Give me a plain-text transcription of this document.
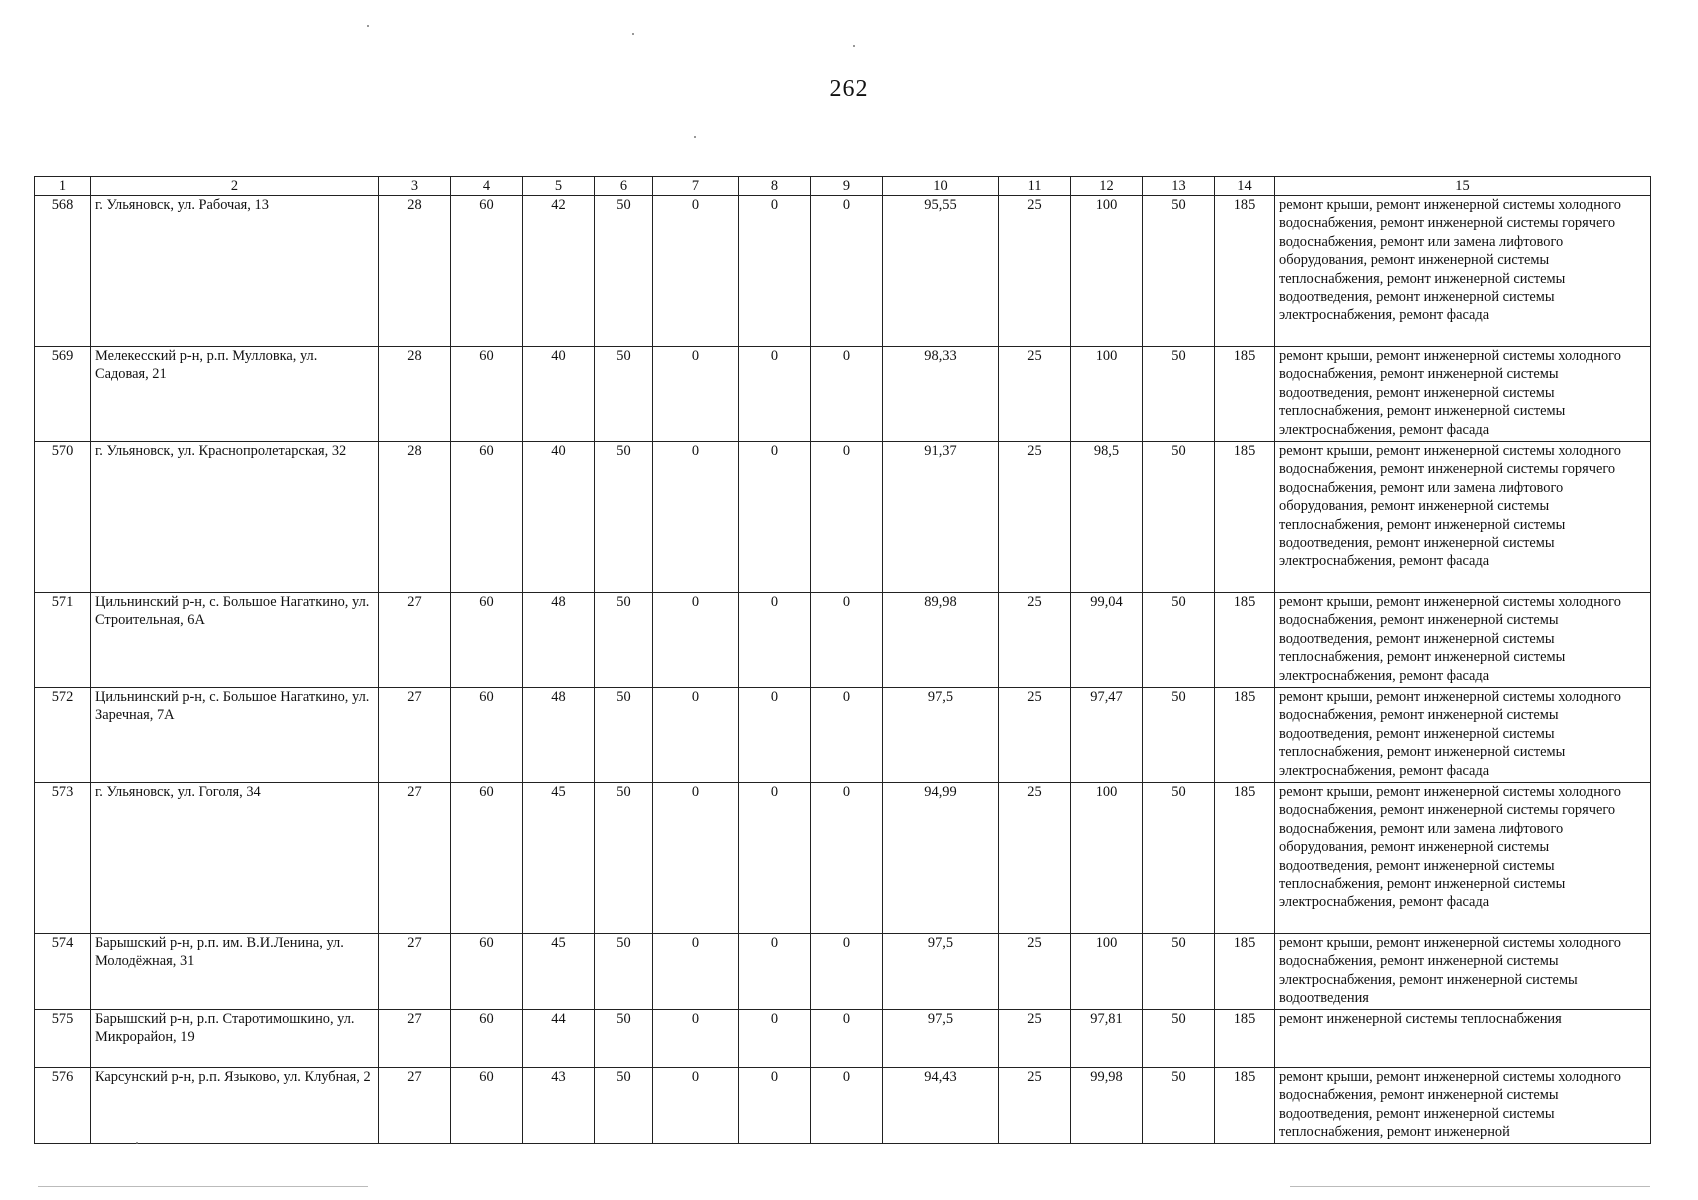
262
1	2	3	4	5	6	7	8	9	10	11	12	13	14	15
568	г. Ульяновск, ул. Рабочая, 13	28	60	42	50	0	0	0	95,55	25	100	50	185	ремонт крыши, ремонт инженерной системы холодного водоснабжения, ремонт инженерной системы горячего водоснабжения, ремонт или замена лифтового оборудования, ремонт инженерной системы теплоснабжения, ремонт инженерной системы водоотведения, ремонт инженерной системы электроснабжения, ремонт фасада
569	Мелекесский р-н, р.п. Мулловка, ул. Садовая, 21	28	60	40	50	0	0	0	98,33	25	100	50	185	ремонт крыши, ремонт инженерной системы холодного водоснабжения, ремонт инженерной системы водоотведения, ремонт инженерной системы теплоснабжения, ремонт инженерной системы электроснабжения, ремонт фасада
570	г. Ульяновск, ул. Краснопролетарская, 32	28	60	40	50	0	0	0	91,37	25	98,5	50	185	ремонт крыши, ремонт инженерной системы холодного водоснабжения, ремонт инженерной системы горячего водоснабжения, ремонт или замена лифтового оборудования, ремонт инженерной системы теплоснабжения, ремонт инженерной системы водоотведения, ремонт инженерной системы электроснабжения, ремонт фасада
571	Цильнинский р-н, с. Большое Нагаткино, ул. Строительная, 6А	27	60	48	50	0	0	0	89,98	25	99,04	50	185	ремонт крыши, ремонт инженерной системы холодного водоснабжения, ремонт инженерной системы водоотведения, ремонт инженерной системы теплоснабжения, ремонт инженерной системы электроснабжения, ремонт фасада
572	Цильнинский р-н, с. Большое Нагаткино, ул. Заречная, 7А	27	60	48	50	0	0	0	97,5	25	97,47	50	185	ремонт крыши, ремонт инженерной системы холодного водоснабжения, ремонт инженерной системы водоотведения, ремонт инженерной системы теплоснабжения, ремонт инженерной системы электроснабжения, ремонт фасада
573	г. Ульяновск, ул. Гоголя, 34	27	60	45	50	0	0	0	94,99	25	100	50	185	ремонт крыши, ремонт инженерной системы холодного водоснабжения, ремонт инженерной системы горячего водоснабжения, ремонт или замена лифтового оборудования, ремонт инженерной системы водоотведения, ремонт инженерной системы теплоснабжения, ремонт инженерной системы электроснабжения, ремонт фасада
574	Барышский р-н, р.п. им. В.И.Ленина, ул. Молодёжная, 31	27	60	45	50	0	0	0	97,5	25	100	50	185	ремонт крыши, ремонт инженерной системы холодного водоснабжения, ремонт инженерной системы электроснабжения, ремонт инженерной системы водоотведения
575	Барышский р-н, р.п. Старотимошкино, ул. Микрорайон, 19	27	60	44	50	0	0	0	97,5	25	97,81	50	185	ремонт инженерной системы теплоснабжения
576	Карсунский р-н, р.п. Языково, ул. Клубная, 2	27	60	43	50	0	0	0	94,43	25	99,98	50	185	ремонт крыши, ремонт инженерной системы холодного водоснабжения, ремонт инженерной системы водоотведения, ремонт инженерной системы теплоснабжения, ремонт инженерной
